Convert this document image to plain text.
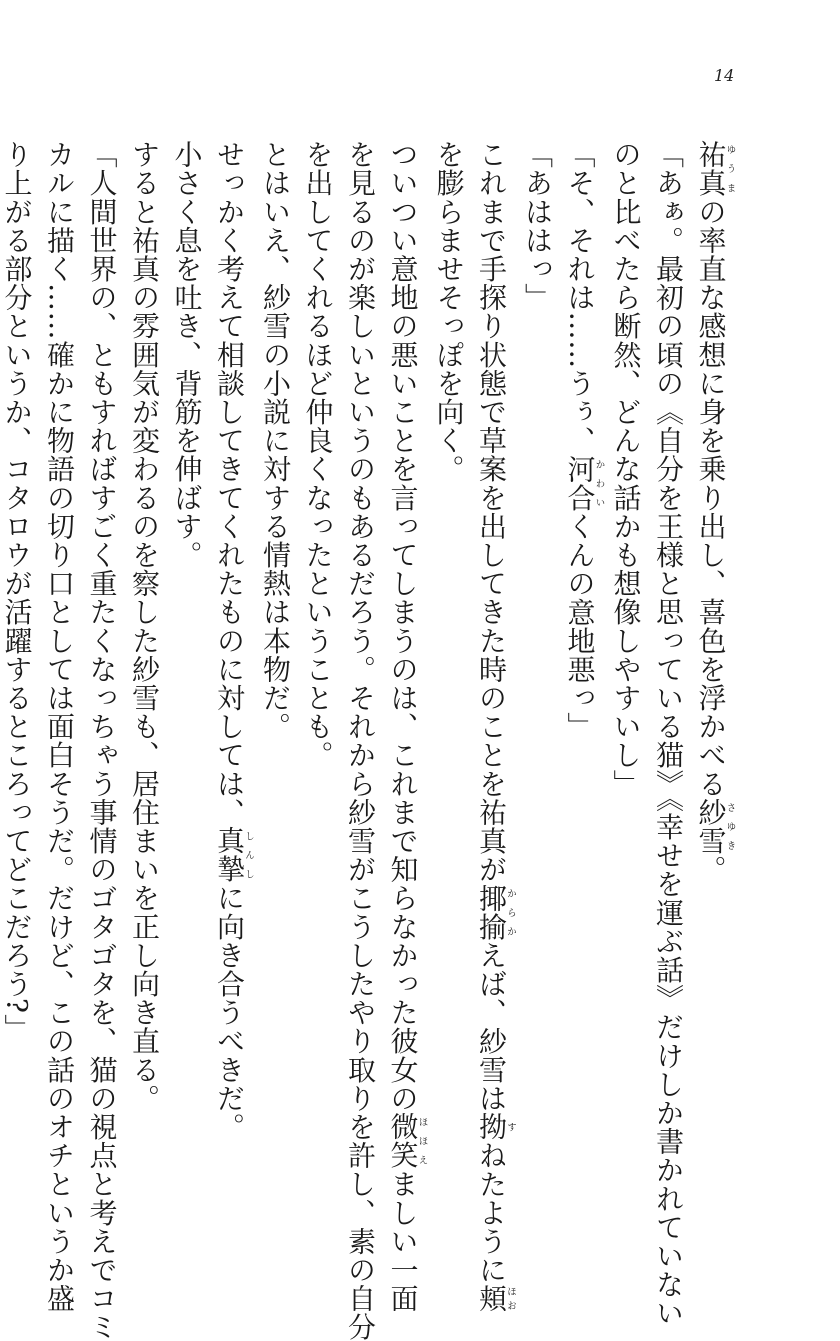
14
祐真ゆうまの率直な感想に身を乗り出し、喜色を浮かべる紗雪さゆき。
「あぁ。最初の頃の《自分を王様と思っている猫》《幸せを運ぶ話》だけしか書かれていない
のと比べたら断然、どんな話かも想像しやすいし」
「そ、それは……うぅ、河合かわいくんの意地悪っ」
「あははっ」
これまで手探り状態で草案を出してきた時のことを祐真が揶揄からかえば、紗雪は拗すねたように頬ほお
を膨らませそっぽを向く。
ついつい意地の悪いことを言ってしまうのは、これまで知らなかった彼女の微笑ほほえましい一面
を見るのが楽しいというのもあるだろう。それから紗雪がこうしたやり取りを許し、素の自分
を出してくれるほど仲良くなったということも。
とはいえ、紗雪の小説に対する情熱は本物だ。
せっかく考えて相談してきてくれたものに対しては、真摯しんしに向き合うべきだ。
小さく息を吐き、背筋を伸ばす。
すると祐真の雰囲気が変わるのを察した紗雪も、居住まいを正し向き直る。
「人間世界の、ともすればすごく重たくなっちゃう事情のゴタゴタを、猫の視点と考えでコミ
カルに描く……確かに物語の切り口としては面白そうだ。だけど、この話のオチというか盛
り上がる部分というか、コタロウが活躍するところってどこだろう?」
